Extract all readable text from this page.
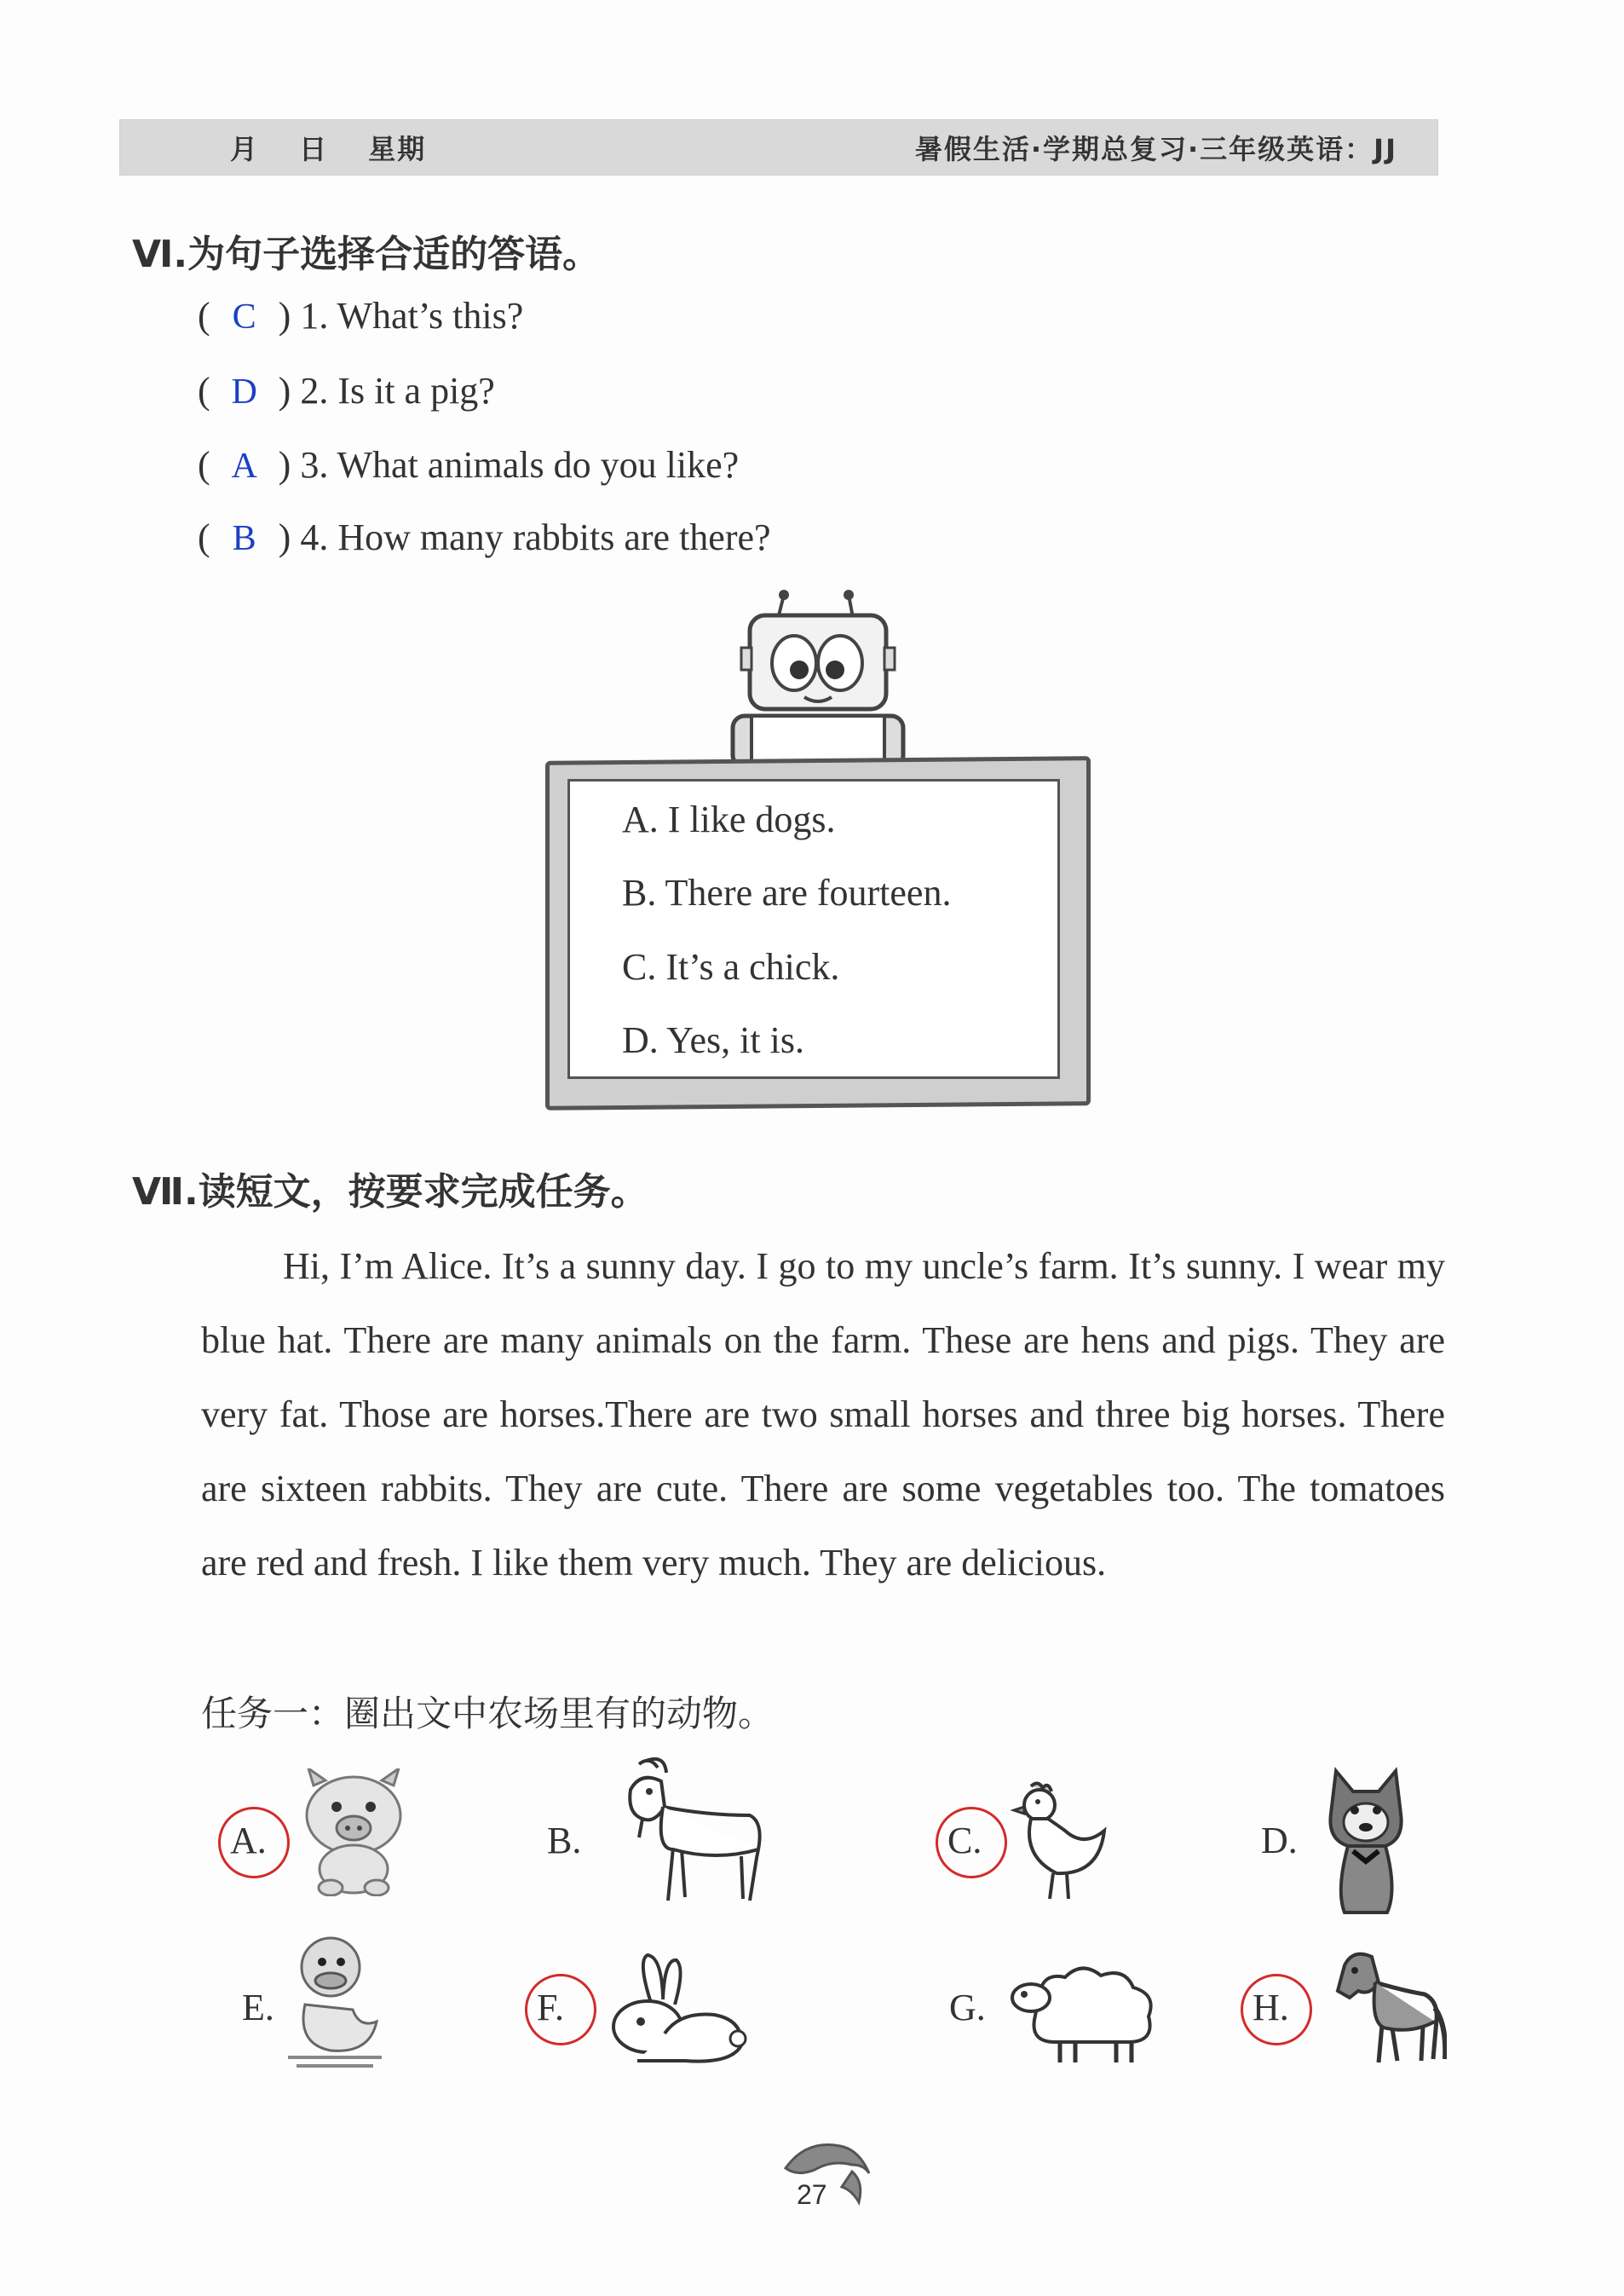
月 日 星期	暑假生活·学期总复习·三年级英语：JJ
Ⅵ.为句子选择合适的答语。
( C ) 1. What’s this?
( D ) 2. Is it a pig?
( A ) 3. What animals do you like?
( B ) 4. How many rabbits are there?
A. I like dogs.
B. There are fourteen.
C. It’s a chick.
D. Yes, it is.
Ⅶ.读短文，按要求完成任务。
Hi, I’m Alice. It’s a sunny day. I go to my uncle’s farm. It’s sunny. I wear my blue hat. There are many animals on the farm. These are hens and pigs. They are very fat. Those are horses.There are two small horses and three big horses. There are sixteen rabbits. They are cute. There are some vegetables too. The tomatoes are red and fresh. I like them very much. They are delicious.
任务一：圈出文中农场里有的动物。
A.	B.	C.	D.
E.	F.	G.	H.
27
